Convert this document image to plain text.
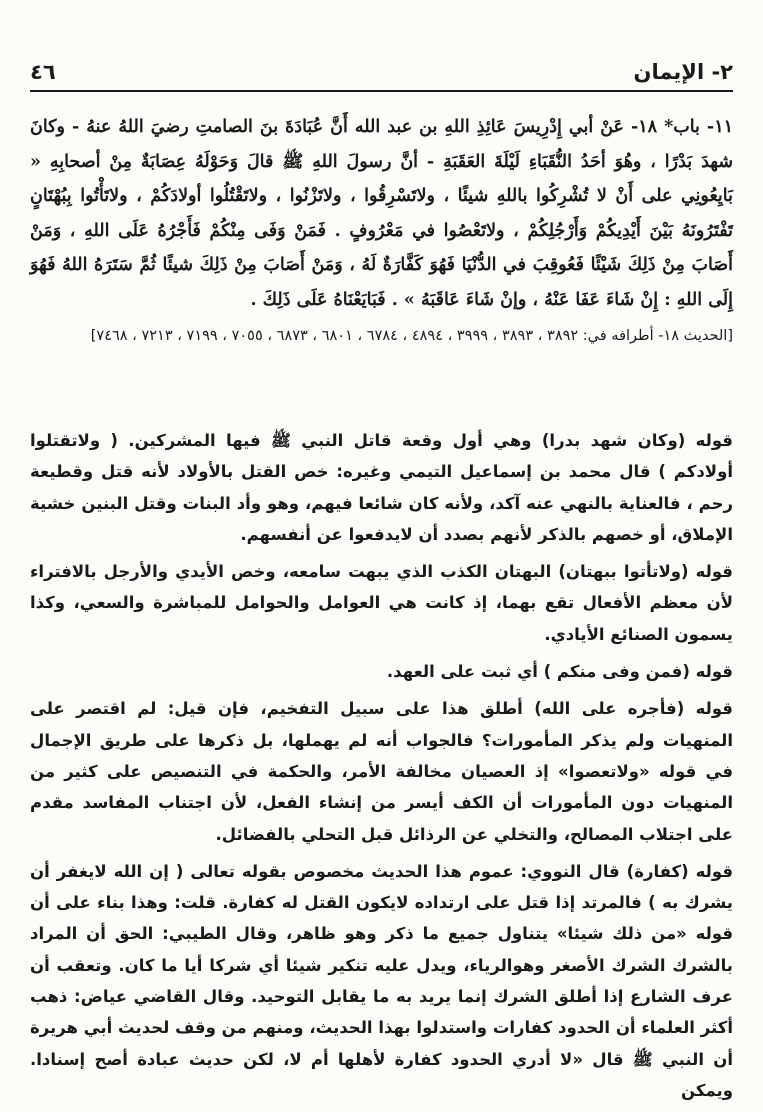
٢- الإيمان
٤٦
١١- باب* ١٨- عَنْ أبي إِدْرِيسَ عَائِذِ اللهِ بن عبد الله أَنَّ عُبَادَةَ بنَ الصامتِ رضيَ اللهُ عنهُ - وكانَ شهدَ بَدْرًا ، وهُوَ أحَدُ النُّقَبَاءِ لَيْلَةَ العَقَبَةِ - أنَّ رسولَ اللهِ ﷺ قالَ وَحَوْلَهُ عِصَابَةٌ مِنْ أصحابِهِ « بَايِعُونِي على أَنْ لا تُشْرِكُوا باللهِ شيئًا ، ولاتَسْرِقُوا ، ولاتَزْنُوا ، ولاتَقْتُلُوا أولادَكُمْ ، ولاتَأْتُوا بِبُهْتَانٍ تَفْتَرُونَهُ بَيْنَ أَيْدِيكُمْ وَأَرْجُلِكُمْ ، ولاتَعْصُوا في مَعْرُوفٍ . فَمَنْ وَفَى مِنْكُمْ فَأَجْرُهُ عَلَى اللهِ ، وَمَنْ أَصَابَ مِنْ ذَلِكَ شَيْئًا فَعُوقِبَ في الدُّنْيَا فَهُوَ كَفَّارَةٌ لَهُ ، وَمَنْ أَصَابَ مِنْ ذَلِكَ شيئًا ثُمَّ سَتَرَهُ اللهُ فَهُوَ إِلَى اللهِ : إِنْ شَاءَ عَفَا عَنْهُ ، وإنْ شَاءَ عَاقَبَهُ » . فَبَايَعْنَاهُ عَلَى ذَلِكَ .
[الحديث ١٨- أطرافه في: ٣٨٩٢ ، ٣٨٩٣ ، ٣٩٩٩ ، ٤٨٩٤ ، ٦٧٨٤ ، ٦٨٠١ ، ٦٨٧٣ ، ٧٠٥٥ ، ٧١٩٩ ، ٧٢١٣ ، ٧٤٦٨]

قوله (وكان شهد بدرا) وهي أول وقعة قاتل النبي ﷺ فيها المشركين. ( ولاتقتلوا أولادكم ) قال محمد بن إسماعيل التيمي وغيره: خص القتل بالأولاد لأنه قتل وقطيعة رحم ، فالعناية بالنهي عنه آكد، ولأنه كان شائعا فيهم، وهو وأد البنات وقتل البنين خشية الإملاق، أو خصهم بالذكر لأنهم بصدد أن لايدفعوا عن أنفسهم.

قوله (ولاتأتوا ببهتان) البهتان الكذب الذي يبهت سامعه، وخص الأيدي والأرجل بالافتراء لأن معظم الأفعال تقع بهما، إذ كانت هي العوامل والحوامل للمباشرة والسعي، وكذا يسمون الصنائع الأيادي.

قوله (فمن وفى منكم ) أي ثبت على العهد.

قوله (فأجره على الله) أطلق هذا على سبيل التفخيم، فإن قيل: لم اقتصر على المنهيات ولم يذكر المأمورات؟ فالجواب أنه لم يهملها، بل ذكرها على طريق الإجمال في قوله «ولاتعصوا» إذ العصيان مخالفة الأمر، والحكمة في التنصيص على كثير من المنهيات دون المأمورات أن الكف أيسر من إنشاء الفعل، لأن اجتناب المفاسد مقدم على اجتلاب المصالح، والتخلي عن الرذائل قبل التحلي بالفضائل.

قوله (كفارة) قال النووي: عموم هذا الحديث مخصوص بقوله تعالى ( إن الله لايغفر أن يشرك به ) فالمرتد إذا قتل على ارتداده لايكون القتل له كفارة. قلت: وهذا بناء على أن قوله «من ذلك شيئا» يتناول جميع ما ذكر وهو ظاهر، وقال الطيبي: الحق أن المراد بالشرك الشرك الأصغر وهوالرياء، ويدل عليه تنكير شيئا أي شركا أيا ما كان. وتعقب أن عرف الشارع إذا أطلق الشرك إنما يريد به ما يقابل التوحيد. وقال القاضي عياض: ذهب أكثر العلماء أن الحدود كفارات واستدلوا بهذا الحديث، ومنهم من وقف لحديث أبي هريرة أن النبي ﷺ قال «لا أدري الحدود كفارة لأهلها أم لا، لكن حديث عبادة أصح إسنادا. ويمكن
